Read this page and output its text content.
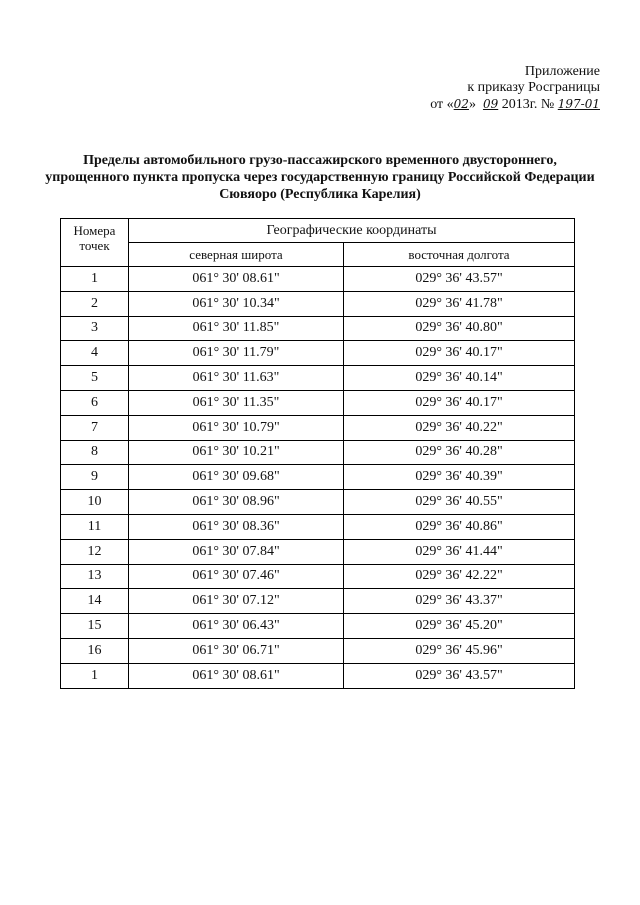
Приложение
к приказу Росграницы
от «02» 09 2013г. № 197-01
Пределы автомобильного грузо-пассажирского временного двустороннего, упрощенного пункта пропуска через государственную границу Российской Федерации Сювяоро (Республика Карелия)
Номера точек	Географические координаты	
	северная широта	восточная долгота
1	061° 30' 08.61"	029° 36' 43.57"
2	061° 30' 10.34"	029° 36' 41.78"
3	061° 30' 11.85"	029° 36' 40.80"
4	061° 30' 11.79"	029° 36' 40.17"
5	061° 30' 11.63"	029° 36' 40.14"
6	061° 30' 11.35"	029° 36' 40.17"
7	061° 30' 10.79"	029° 36' 40.22"
8	061° 30' 10.21"	029° 36' 40.28"
9	061° 30' 09.68"	029° 36' 40.39"
10	061° 30' 08.96"	029° 36' 40.55"
11	061° 30' 08.36"	029° 36' 40.86"
12	061° 30' 07.84"	029° 36' 41.44"
13	061° 30' 07.46"	029° 36' 42.22"
14	061° 30' 07.12"	029° 36' 43.37"
15	061° 30' 06.43"	029° 36' 45.20"
16	061° 30' 06.71"	029° 36' 45.96"
1	061° 30' 08.61"	029° 36' 43.57"
